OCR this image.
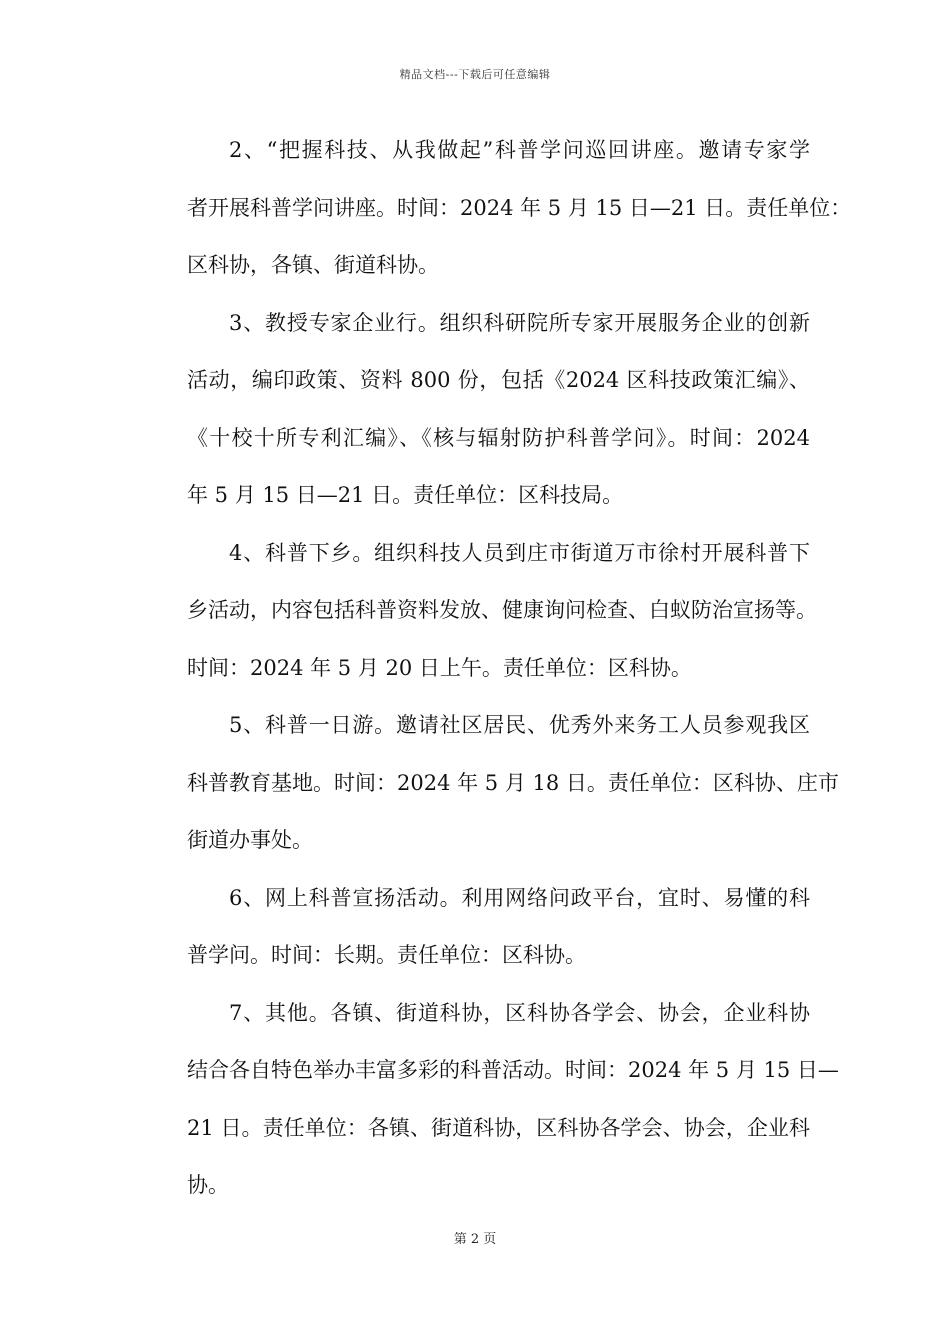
精品文档---下载后可任意编辑
2、“把握科技、从我做起”科普学问巡回讲座。邀请专家学
者开展科普学问讲座。时间：2024 年 5 月 15 日—21 日。责任单位：
区科协，各镇、街道科协。
3、教授专家企业行。组织科研院所专家开展服务企业的创新
活动，编印政策、资料 800 份，包括《2024 区科技政策汇编》、
《十校十所专利汇编》、《核与辐射防护科普学问》。时间：2024
年 5 月 15 日—21 日。责任单位：区科技局。
4、科普下乡。组织科技人员到庄市街道万市徐村开展科普下
乡活动，内容包括科普资料发放、健康询问检查、白蚁防治宣扬等。
时间：2024 年 5 月 20 日上午。责任单位：区科协。
5、科普一日游。邀请社区居民、优秀外来务工人员参观我区
科普教育基地。时间：2024 年 5 月 18 日。责任单位：区科协、庄市
街道办事处。
6、网上科普宣扬活动。利用网络问政平台，宜时、易懂的科
普学问。时间：长期。责任单位：区科协。
7、其他。各镇、街道科协，区科协各学会、协会，企业科协
结合各自特色举办丰富多彩的科普活动。时间：2024 年 5 月 15 日—
21 日。责任单位：各镇、街道科协，区科协各学会、协会，企业科
协。
第 2 页
